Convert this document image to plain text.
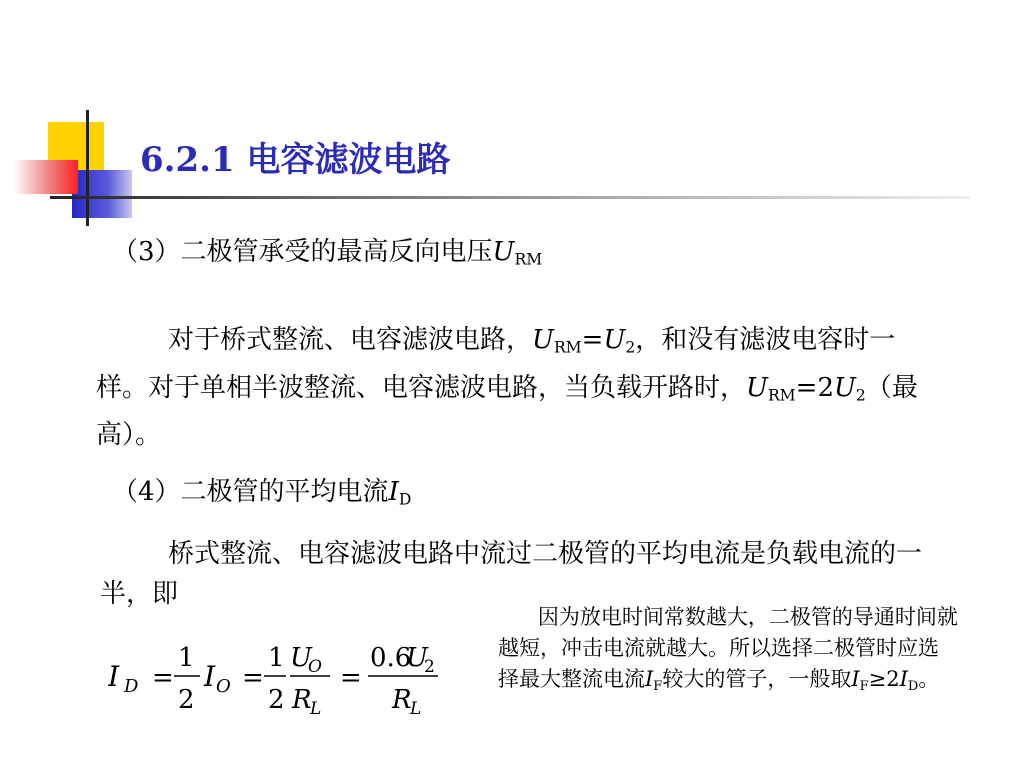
6.2.1 电容滤波电路
（3）二极管承受的最高反向电压$U_{RM}$
对于桥式整流、电容滤波电路，$U_{RM}=U_2$，和没有滤波电容时一样。对于单相半波整流、电容滤波电路，当负载开路时，$U_{RM}=2U_2$（最高）。
（4）二极管的平均电流$I_D$
桥式整流、电容滤波电路中流过二极管的平均电流是负载电流的一半，即
I D =
1
2
I O =
1
2
U
O
R
L
=
0.6
U
2
R
L
因为放电时间常数越大，二极管的导通时间就越短，冲击电流就越大。所以选择二极管时应选择最大整流电流$I_F$较大的管子，一般取$I_F\ge 2I_D$。
